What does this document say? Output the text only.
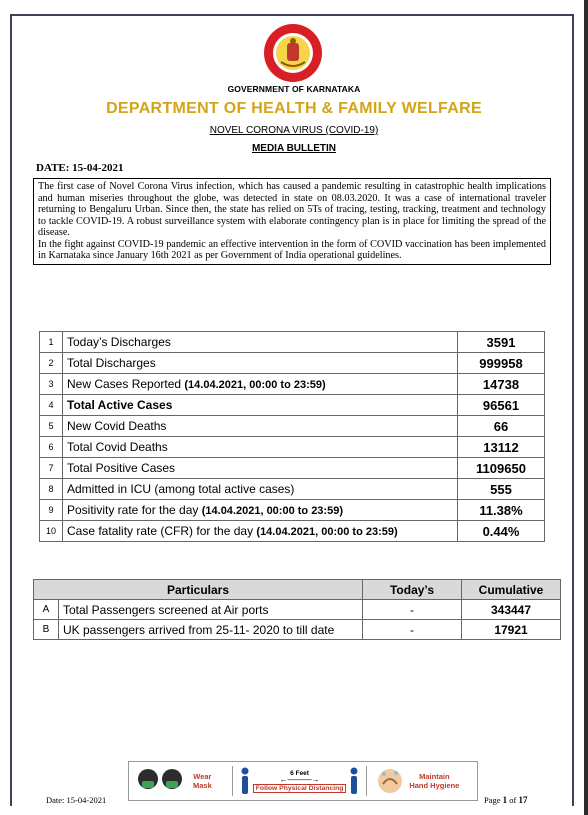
GOVERNMENT OF KARNATAKA
DEPARTMENT OF HEALTH & FAMILY WELFARE
NOVEL CORONA VIRUS (COVID-19)
MEDIA BULLETIN
DATE: 15-04-2021

The first case of Novel Corona Virus infection, which has caused a pandemic resulting in catastrophic health implications and human miseries throughout the globe, was detected in state on 08.03.2020. It was a case of international traveler returning to Bengaluru Urban. Since then, the state has relied on 5Ts of tracing, testing, tracking, treatment and technology to tackle COVID-19. A robust surveillance system with elaborate contingency plan is in place for limiting the spread of the disease.

In the fight against COVID-19 pandemic an effective intervention in the form of COVID vaccination has been implemented in Karnataka since January 16th 2021 as per Government of India operational guidelines.

1	Today’s Discharges	3591
2	Total Discharges	999958
3	New Cases Reported (14.04.2021, 00:00 to 23:59)	14738
4	Total Active Cases	96561
5	New Covid Deaths	66
6	Total Covid Deaths	13112
7	Total Positive Cases	1109650
8	Admitted in ICU (among total active cases)	555
9	Positivity rate for the day (14.04.2021, 00:00 to 23:59)	11.38%
10	Case fatality rate (CFR) for the day (14.04.2021, 00:00 to 23:59)	0.44%
Particulars		Today’s	Cumulative
A	Total Passengers screened at Air ports	-	343447
B	UK passengers arrived from 25-11- 2020 to till date	-	17921
Wear
Mask
6 Feet
←———→
Follow Physical Distancing
Maintain
Hand Hygiene
Date: 15-04-2021	Page 1 of 17
